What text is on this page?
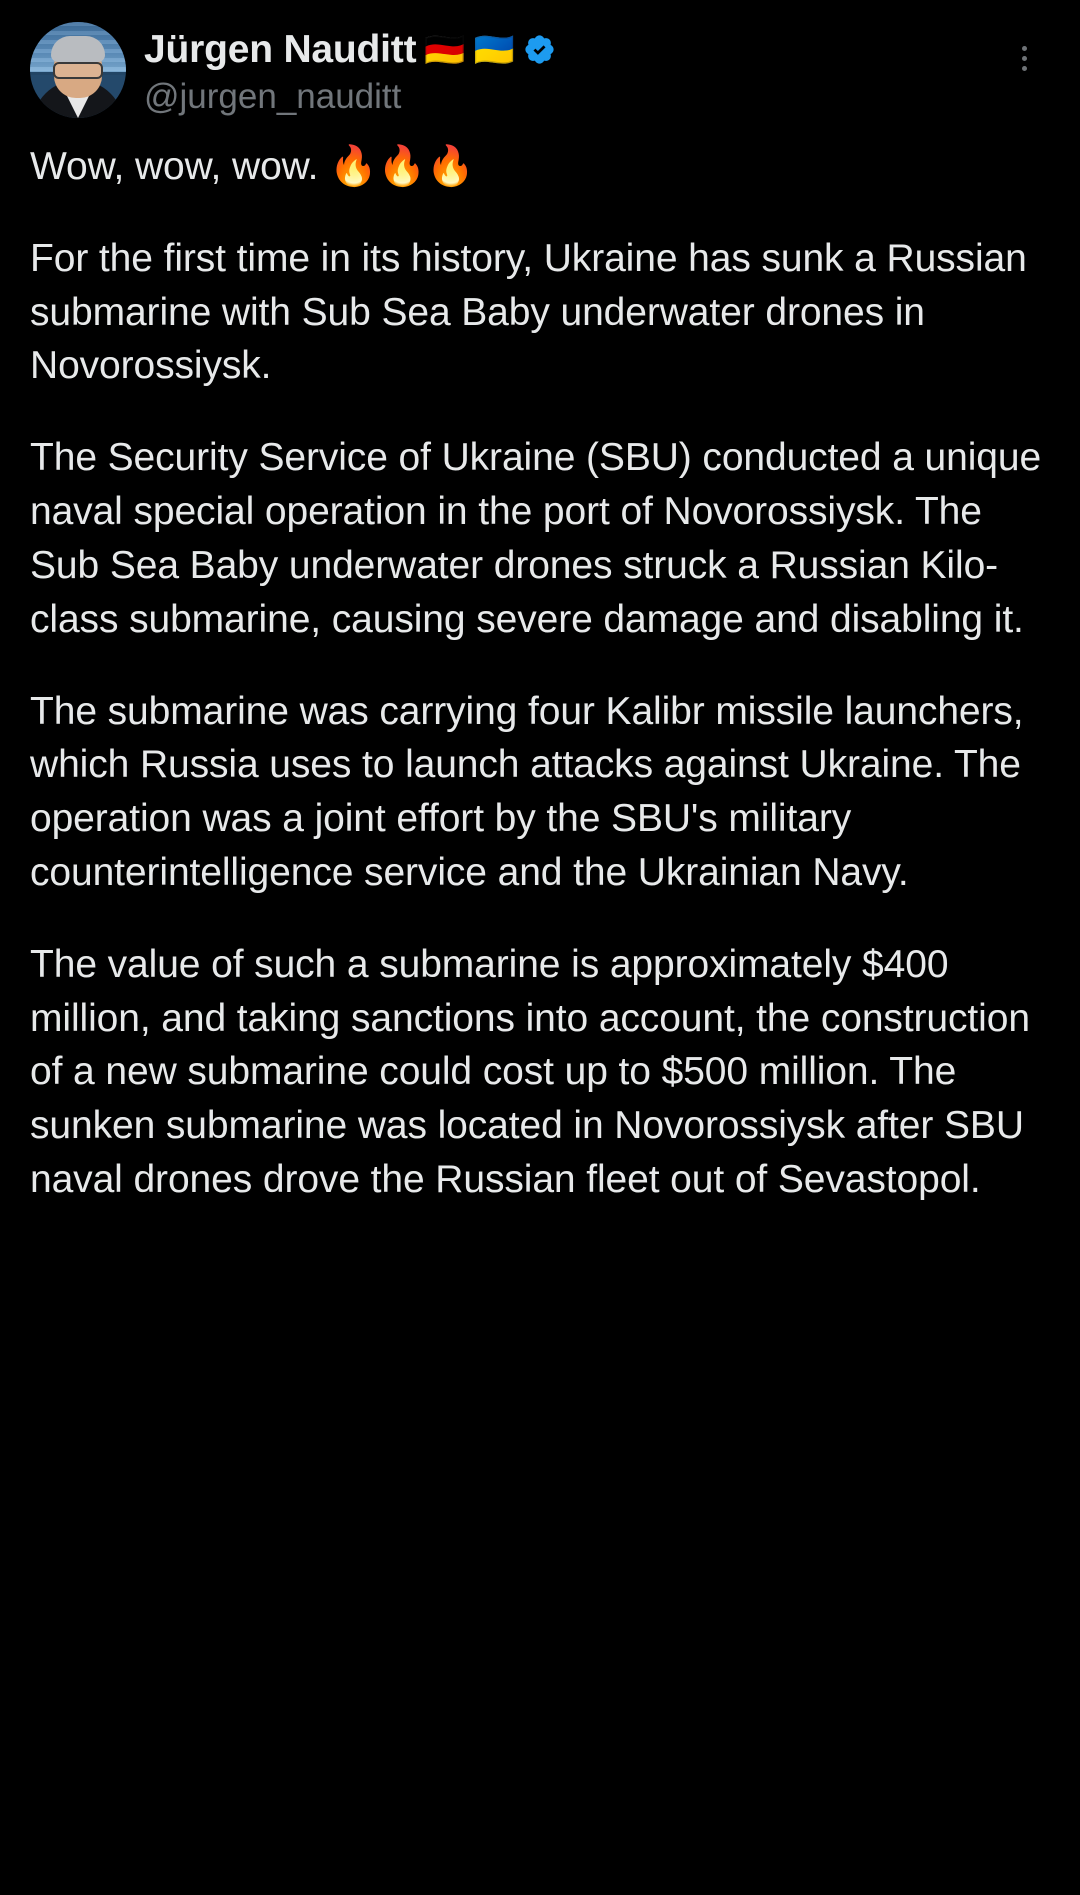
Jürgen Nauditt 🇩🇪 🇺🇦
@jurgen_nauditt

Wow, wow, wow. 🔥🔥🔥

For the first time in its history, Ukraine has sunk a Russian submarine with Sub Sea Baby underwater drones in Novorossiysk.

The Security Service of Ukraine (SBU) conducted a unique naval special operation in the port of Novorossiysk. The Sub Sea Baby underwater drones struck a Russian Kilo-class submarine, causing severe damage and disabling it.

The submarine was carrying four Kalibr missile launchers, which Russia uses to launch attacks against Ukraine. The operation was a joint effort by the SBU's military counterintelligence service and the Ukrainian Navy.

The value of such a submarine is approximately $400 million, and taking sanctions into account, the construction of a new submarine could cost up to $500 million. The sunken submarine was located in Novorossiysk after SBU naval drones drove the Russian fleet out of Sevastopol.
